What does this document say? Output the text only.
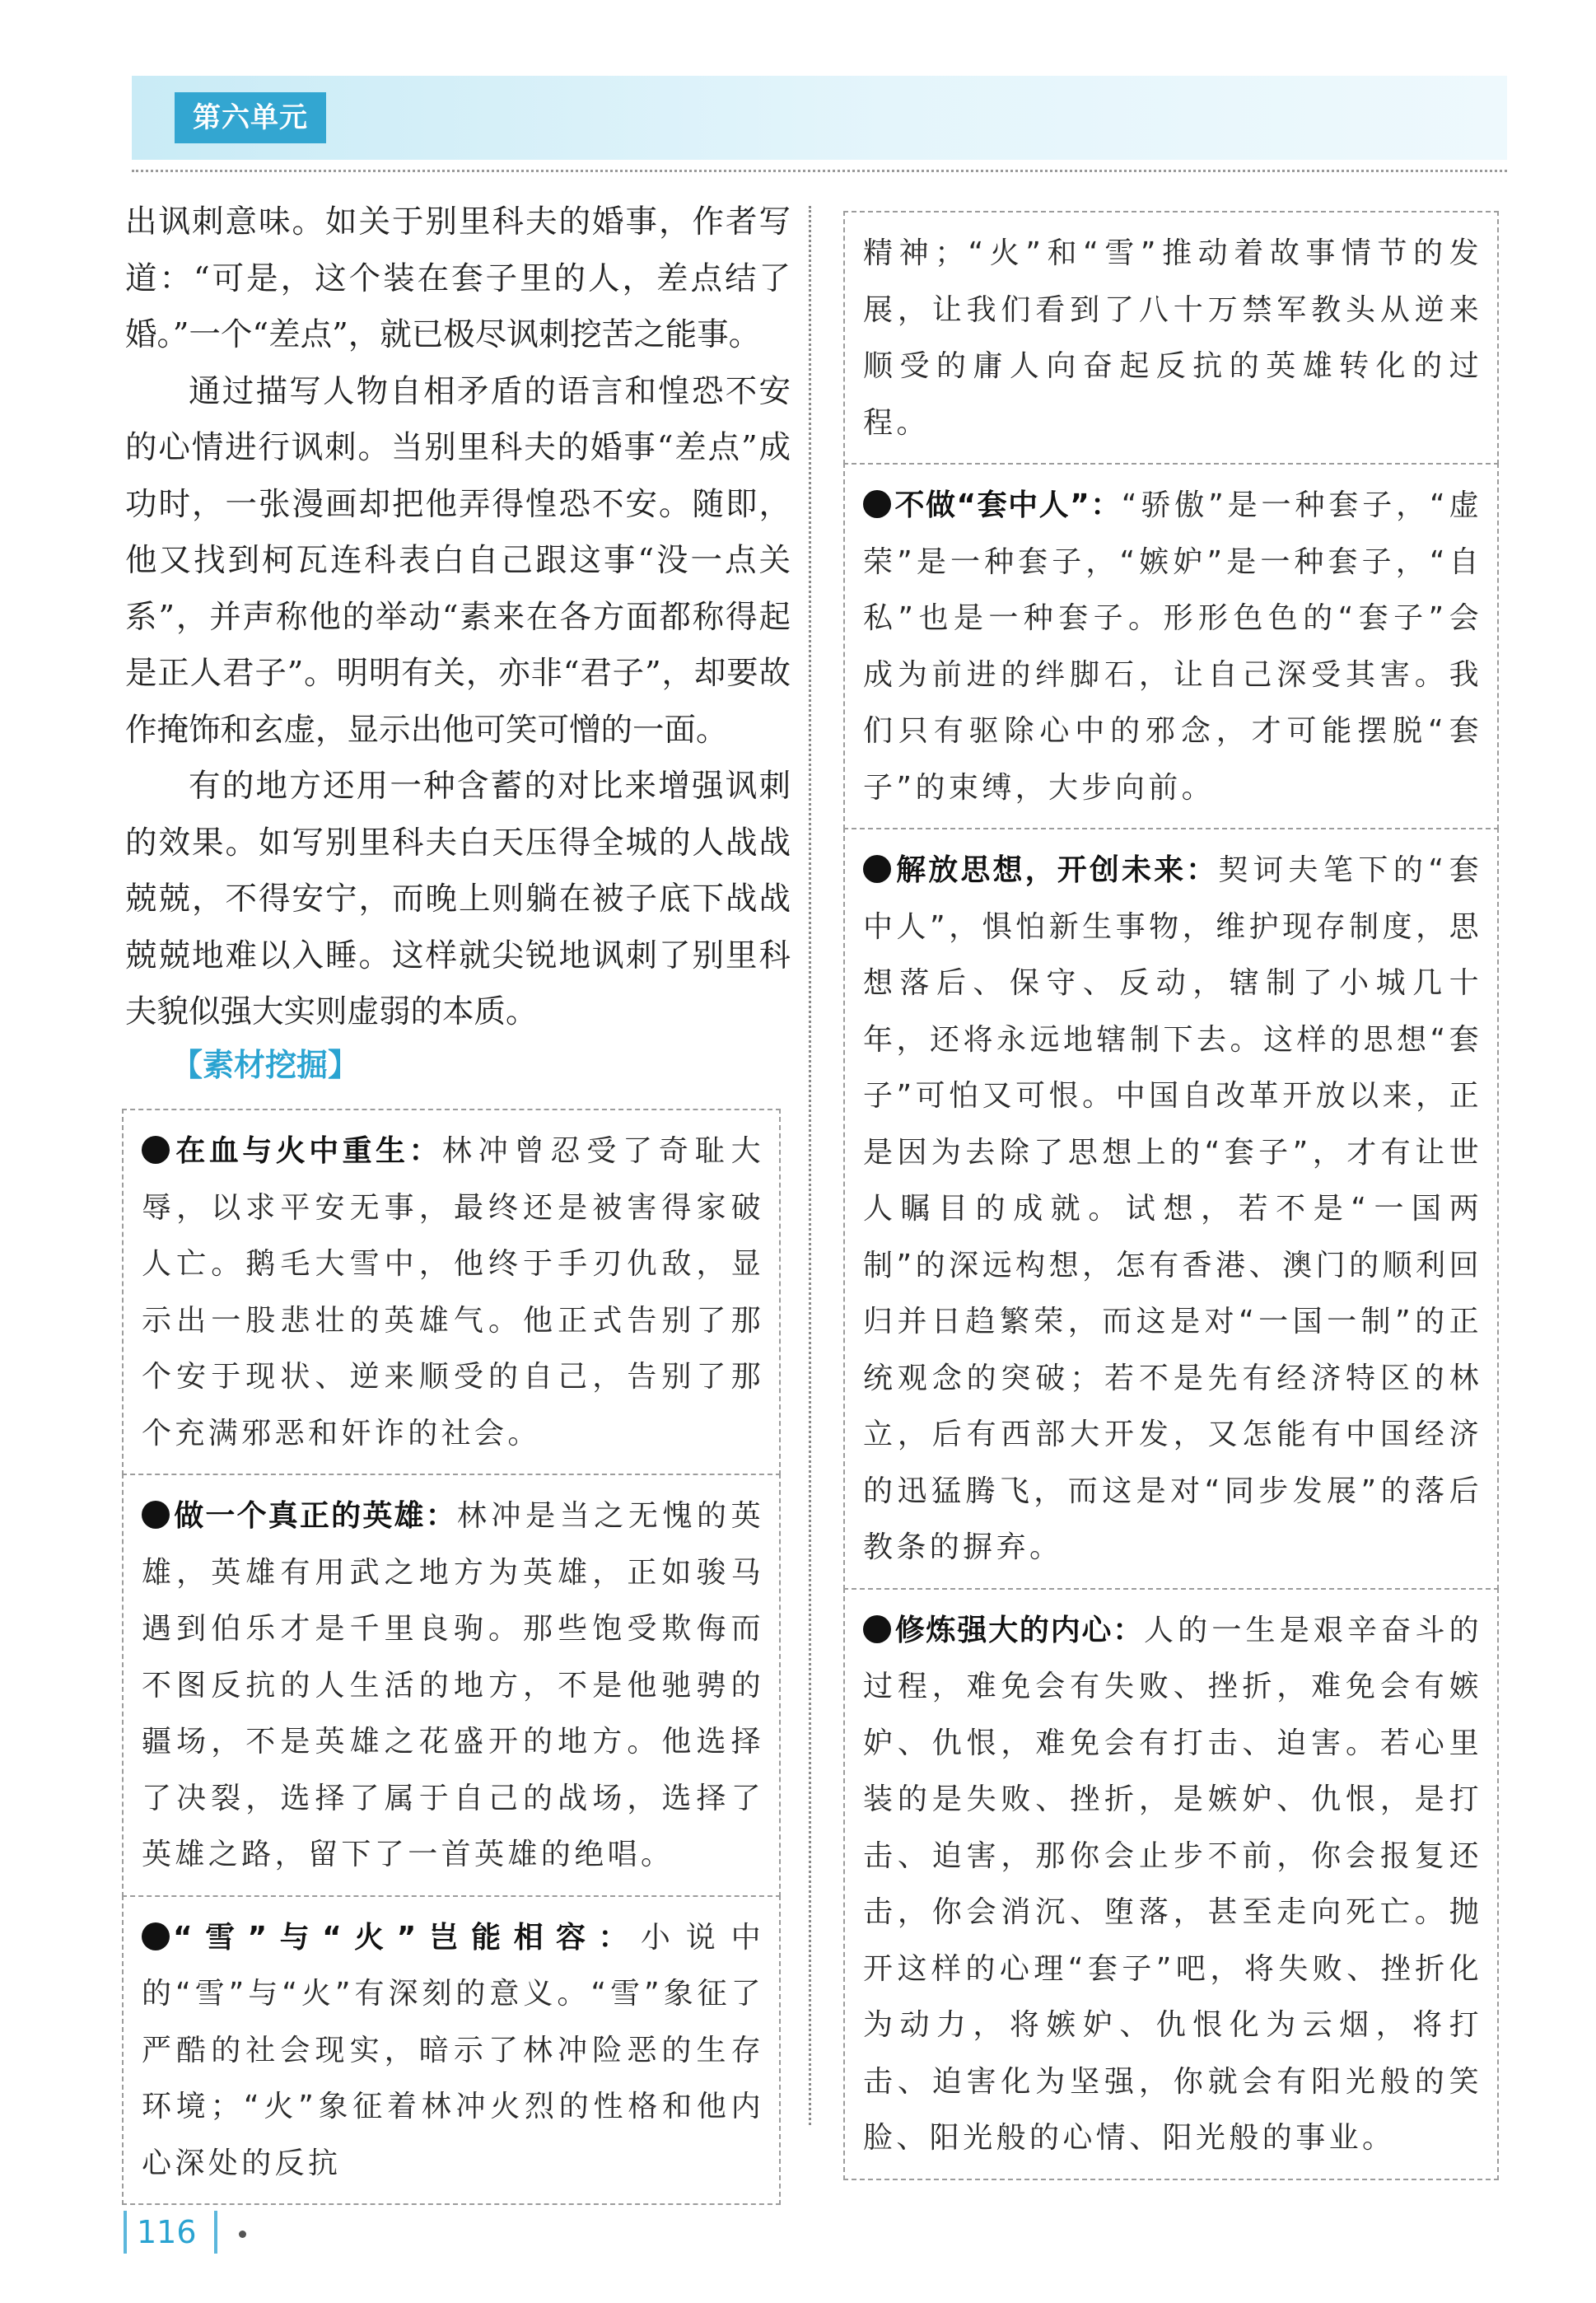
第六单元

出讽刺意味。如关于别里科夫的婚事，作者写道：“可是，这个装在套子里的人，差点结了婚。”一个“差点”，就已极尽讽刺挖苦之能事。

通过描写人物自相矛盾的语言和惶恐不安的心情进行讽刺。当别里科夫的婚事“差点”成功时，一张漫画却把他弄得惶恐不安。随即，他又找到柯瓦连科表白自己跟这事“没一点关系”，并声称他的举动“素来在各方面都称得起是正人君子”。明明有关，亦非“君子”，却要故作掩饰和玄虚，显示出他可笑可憎的一面。

有的地方还用一种含蓄的对比来增强讽刺的效果。如写别里科夫白天压得全城的人战战兢兢，不得安宁，而晚上则躺在被子底下战战兢兢地难以入睡。这样就尖锐地讽刺了别里科夫貌似强大实则虚弱的本质。

【素材挖掘】
在血与火中重生：林冲曾忍受了奇耻大辱，以求平安无事，最终还是被害得家破人亡。鹅毛大雪中，他终于手刃仇敌，显示出一股悲壮的英雄气。他正式告别了那个安于现状、逆来顺受的自己，告别了那个充满邪恶和奸诈的社会。
做一个真正的英雄：林冲是当之无愧的英雄，英雄有用武之地方为英雄，正如骏马遇到伯乐才是千里良驹。那些饱受欺侮而不图反抗的人生活的地方，不是他驰骋的疆场，不是英雄之花盛开的地方。他选择了决裂，选择了属于自己的战场，选择了英雄之路，留下了一首英雄的绝唱。
“雪”与“火”岂能相容：小说中的“雪”与“火”有深刻的意义。“雪”象征了严酷的社会现实，暗示了林冲险恶的生存环境；“火”象征着林冲火烈的性格和他内心深处的反抗
精神；“火”和“雪”推动着故事情节的发展，让我们看到了八十万禁军教头从逆来顺受的庸人向奋起反抗的英雄转化的过程。
不做“套中人”：“骄傲”是一种套子，“虚荣”是一种套子，“嫉妒”是一种套子，“自私”也是一种套子。形形色色的“套子”会成为前进的绊脚石，让自己深受其害。我们只有驱除心中的邪念，才可能摆脱“套子”的束缚，大步向前。
解放思想，开创未来：契诃夫笔下的“套中人”，惧怕新生事物，维护现存制度，思想落后、保守、反动，辖制了小城几十年，还将永远地辖制下去。这样的思想“套子”可怕又可恨。中国自改革开放以来，正是因为去除了思想上的“套子”，才有让世人瞩目的成就。试想，若不是“一国两制”的深远构想，怎有香港、澳门的顺利回归并日趋繁荣，而这是对“一国一制”的正统观念的突破；若不是先有经济特区的林立，后有西部大开发，又怎能有中国经济的迅猛腾飞，而这是对“同步发展”的落后教条的摒弃。
修炼强大的内心：人的一生是艰辛奋斗的过程，难免会有失败、挫折，难免会有嫉妒、仇恨，难免会有打击、迫害。若心里装的是失败、挫折，是嫉妒、仇恨，是打击、迫害，那你会止步不前，你会报复还击，你会消沉、堕落，甚至走向死亡。抛开这样的心理“套子”吧，将失败、挫折化为动力，将嫉妒、仇恨化为云烟，将打击、迫害化为坚强，你就会有阳光般的笑脸、阳光般的心情、阳光般的事业。
116
